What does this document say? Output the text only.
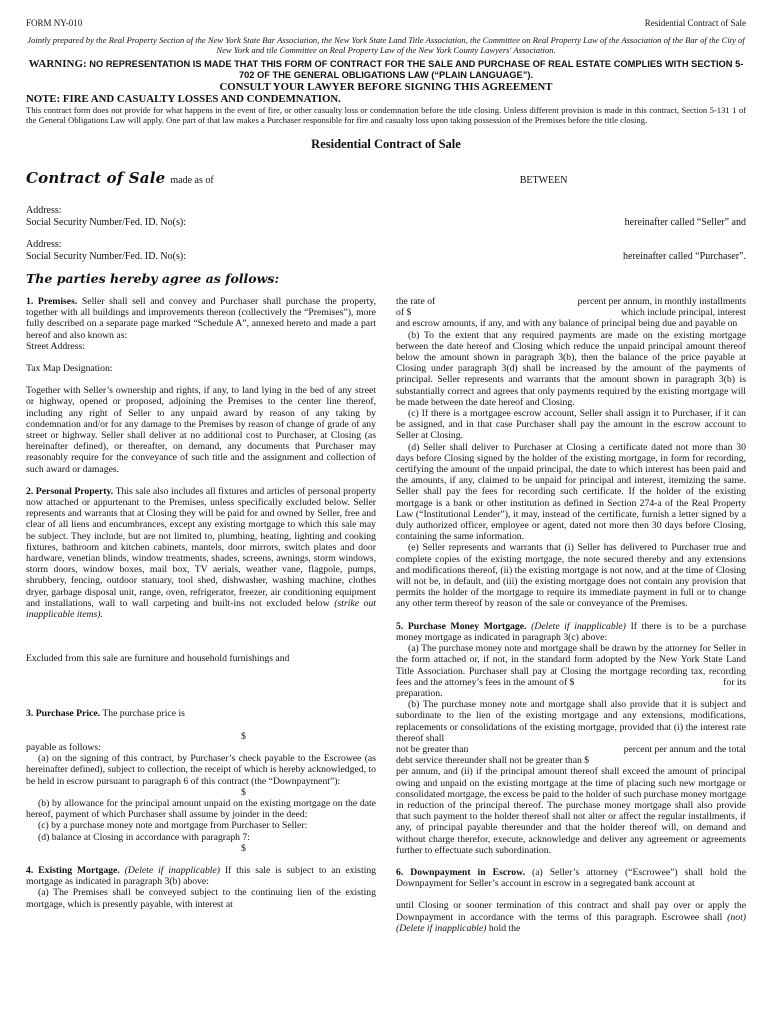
FORM NY-010	Residential Contract of Sale
Jointly prepared by the Real Property Section of the New York State Bar Association, the New York State Land Title Association, the Committee on Real Property Law of the Association of the Bar of the City of New York and tile Committee on Real Property Law of the New York County Lawyers' Association.
WARNING: NO REPRESENTATION IS MADE THAT THIS FORM OF CONTRACT FOR THE SALE AND PURCHASE OF REAL ESTATE COMPLIES WITH SECTION 5-702 OF THE GENERAL OBLIGATIONS LAW (“PLAIN LANGUAGE”).
CONSULT YOUR LAWYER BEFORE SIGNING THIS AGREEMENT
NOTE: FIRE AND CASUALTY LOSSES AND CONDEMNATION.
This contract form does not provide for what happens in the event of fire, or other casualty loss or condemnation before the title closing. Unless different provision is made in this contract, Section 5-131 1 of the General Obligations Law will apply. One part of that law makes a Purchaser responsible for fire and casualty loss upon taking possession of the Premises before the title closing.
Residential Contract of Sale
Contract of Sale made as of	BETWEEN
Address:
Social Security Number/Fed. ID. No(s):	hereinafter called “Seller” and
Address:
Social Security Number/Fed. ID. No(s):	hereinafter called “Purchaser”.
The parties hereby agree as follows:

1. Premises. Seller shall sell and convey and Purchaser shall purchase the property, together with all buildings and improvements thereon (collectively the “Premises”), more fully described on a separate page marked “Schedule A”, annexed hereto and made a part hereof and also known as:

Street Address:

Tax Map Designation:

Together with Seller’s ownership and rights, if any, to land lying in the bed of any street or highway, opened or proposed, adjoining the Premises to the center line thereof, including any right of Seller to any unpaid award by reason of any taking by condemnation and/or for any damage to the Premises by reason of change of grade of any street or highway. Seller shall deliver at no additional cost to Purchaser, at Closing (as hereinafter defined), or thereafter, on demand, any documents that Purchaser may reasonably require for the conveyance of such title and the assignment and collection of such award or damages.

2. Personal Property. This sale also includes all fixtures and articles of personal property now attached or appurtenant to the Premises, unless specifically excluded below. Seller represents and warrants that at Closing they will be paid for and owned by Seller, free and clear of all liens and encumbrances, except any existing mortgage to which this sale may be subject. They include, but are not limited to, plumbing, heating, lighting and cooking fixtures, bathroom and kitchen cabinets, mantels, door mirrors, switch plates and door hardware, venetian blinds, window treatments, shades, screens, awnings, storm windows, storm doors, window boxes, mail box, TV aerials, weather vane, flagpole, pumps, shrubbery, fencing, outdoor statuary, tool shed, dishwasher, washing machine, clothes dryer, garbage disposal unit, range, oven, refrigerator, freezer, air conditioning equipment and installations, wall to wall carpeting and built-ins not excluded below (strike out inapplicable items).

Excluded from this sale are furniture and household furnishings and

3. Purchase Price. The purchase price is

$

payable as follows:

(a) on the signing of this contract, by Purchaser’s check payable to the Escrowee (as hereinafter defined), subject to collection, the receipt of which is hereby acknowledged, to be held in escrow pursuant to paragraph 6 of this contract (the “Downpayment”):

$

(b) by allowance for the principal amount unpaid on the existing mortgage on the date hereof, payment of which Purchaser shall assume by joinder in the deed:

(c) by a purchase money note and mortgage from Purchaser to Seller:

(d) balance at Closing in accordance with paragraph 7:

$

4. Existing Mortgage. (Delete if inapplicable) If this sale is subject to an existing mortgage as indicated in paragraph 3(b) above:

(a) The Premises shall be conveyed subject to the continuing lien of the existing mortgage, which is presently payable, with interest at

the rate of	percent per annum, in monthly installments

of $	which include principal, interest

and escrow amounts, if any, and with any balance of principal being due and payable on

(b) To the extent that any required payments are made on the existing mortgage between the date hereof and Closing which reduce the unpaid principal amount thereof below the amount shown in paragraph 3(b), then the balance of the price payable at Closing under paragraph 3(d) shall be increased by the amount of the payments of principal. Seller represents and warrants that the amount shown in paragraph 3(b) is substantially correct and agrees that only payments required by the existing mortgage will be made between the date hereof and Closing.

(c) If there is a mortgagee escrow account, Seller shall assign it to Purchaser, if it can be assigned, and in that case Purchaser shall pay the amount in the escrow account to Seller at Closing.

(d) Seller shall deliver to Purchaser at Closing a certificate dated not more than 30 days before Closing signed by the holder of the existing mortgage, in form for recording, certifying the amount of the unpaid principal, the date to which interest has been paid and the amounts, if any, claimed to be unpaid for principal and interest, itemizing the same. Seller shall pay the fees for recording such certificate. If the holder of the existing mortgage is a bank or other institution as defined in Section 274-a of the Real Property Law (“Institutional Lender”), it may, instead of the certificate, furnish a letter signed by a duly authorized officer, employee or agent, dated not more then 30 days before Closing, containing the same information.

(e) Seller represents and warrants that (i) Seller has delivered to Purchaser true and complete copies of the existing mortgage, the note secured thereby and any extensions and modifications thereof, (ii) the existing mortgage is not now, and at the time of Closing will not be, in default, and (iii) the existing mortgage does not contain any provision that permits the holder of the mortgage to require its immediate payment in full or to change any other term thereof by reason of the sale or conveyance of the Premises.

5. Purchase Money Mortgage. (Delete if inapplicable) If there is to be a purchase money mortgage as indicated in paragraph 3(c) above:

(a) The purchase money note and mortgage shall be drawn by the attorney for Seller in the form attached or, if not, in the standard form adopted by the New York State Land Title Association. Purchaser shall pay at Closing the mortgage recording tax, recording fees and the attorney’s fees in the amount of $	for its

preparation.

(b) The purchase money note and mortgage shall also provide that it is subject and subordinate to the lien of the existing mortgage and any extensions, modifications, replacements or consolidations of the existing mortgage, provided that (i) the interest rate thereof shall

not be greater than	percent per annum and the total

debt service thereunder shall not be greater than $

per annum, and (ii) if the principal amount thereof shall exceed the amount of principal owing and unpaid on the existing mortgage at the time of placing such new mortgage or consolidated mortgage, the excess be paid to the holder of such purchase money mortgage in reduction of the principal thereof. The purchase money mortgage shall also provide that such payment to the holder thereof shall not alter or affect the regular installments, if any, of principal payable thereunder and that the holder thereof will, on demand and without charge therefor, execute, acknowledge and deliver any agreement or agreements further to effectuate such subordination.

6. Downpayment in Escrow. (a) Seller’s attorney (“Escrowee”) shall hold the Downpayment for Seller’s account in escrow in a segregated bank account at

until Closing or sooner termination of this contract and shall pay over or apply the Downpayment in accordance with the terms of this paragraph. Escrowee shall (not) (Delete if inapplicable) hold the
